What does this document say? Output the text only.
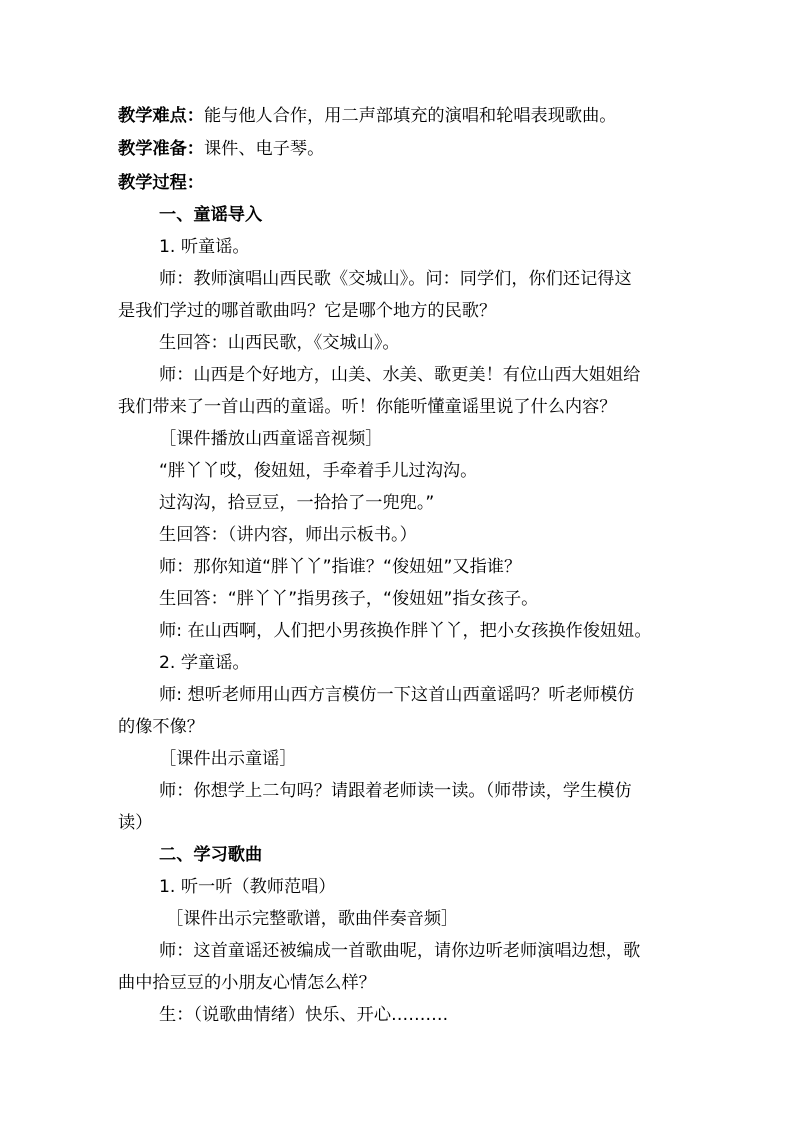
教学难点：能与他人合作，用二声部填充的演唱和轮唱表现歌曲。
教学准备：课件、电子琴。
教学过程：
一、童谣导入
1. 听童谣。
师：教师演唱山西民歌《交城山》。问：同学们，你们还记得这
是我们学过的哪首歌曲吗？它是哪个地方的民歌？
生回答：山西民歌，《交城山》。
师：山西是个好地方，山美、水美、歌更美！有位山西大姐姐给
我们带来了一首山西的童谣。听！你能听懂童谣里说了什么内容？
［课件播放山西童谣音视频］
“胖丫丫哎，俊妞妞，手牵着手儿过沟沟。
过沟沟，拾豆豆，一拾拾了一兜兜。”
生回答：（讲内容，师出示板书。）
师：那你知道“胖丫丫”指谁？“俊妞妞”又指谁？
生回答：“胖丫丫”指男孩子，“俊妞妞”指女孩子。
师: 在山西啊，人们把小男孩换作胖丫丫，把小女孩换作俊妞妞。
2. 学童谣。
师: 想听老师用山西方言模仿一下这首山西童谣吗？听老师模仿
的像不像？
［课件出示童谣］
师：你想学上二句吗？请跟着老师读一读。（师带读，学生模仿
读）
二、学习歌曲
1. 听一听（教师范唱）
［课件出示完整歌谱，歌曲伴奏音频］
师：这首童谣还被编成一首歌曲呢，请你边听老师演唱边想，歌
曲中拾豆豆的小朋友心情怎么样？
生：（说歌曲情绪）快乐、开心……….
